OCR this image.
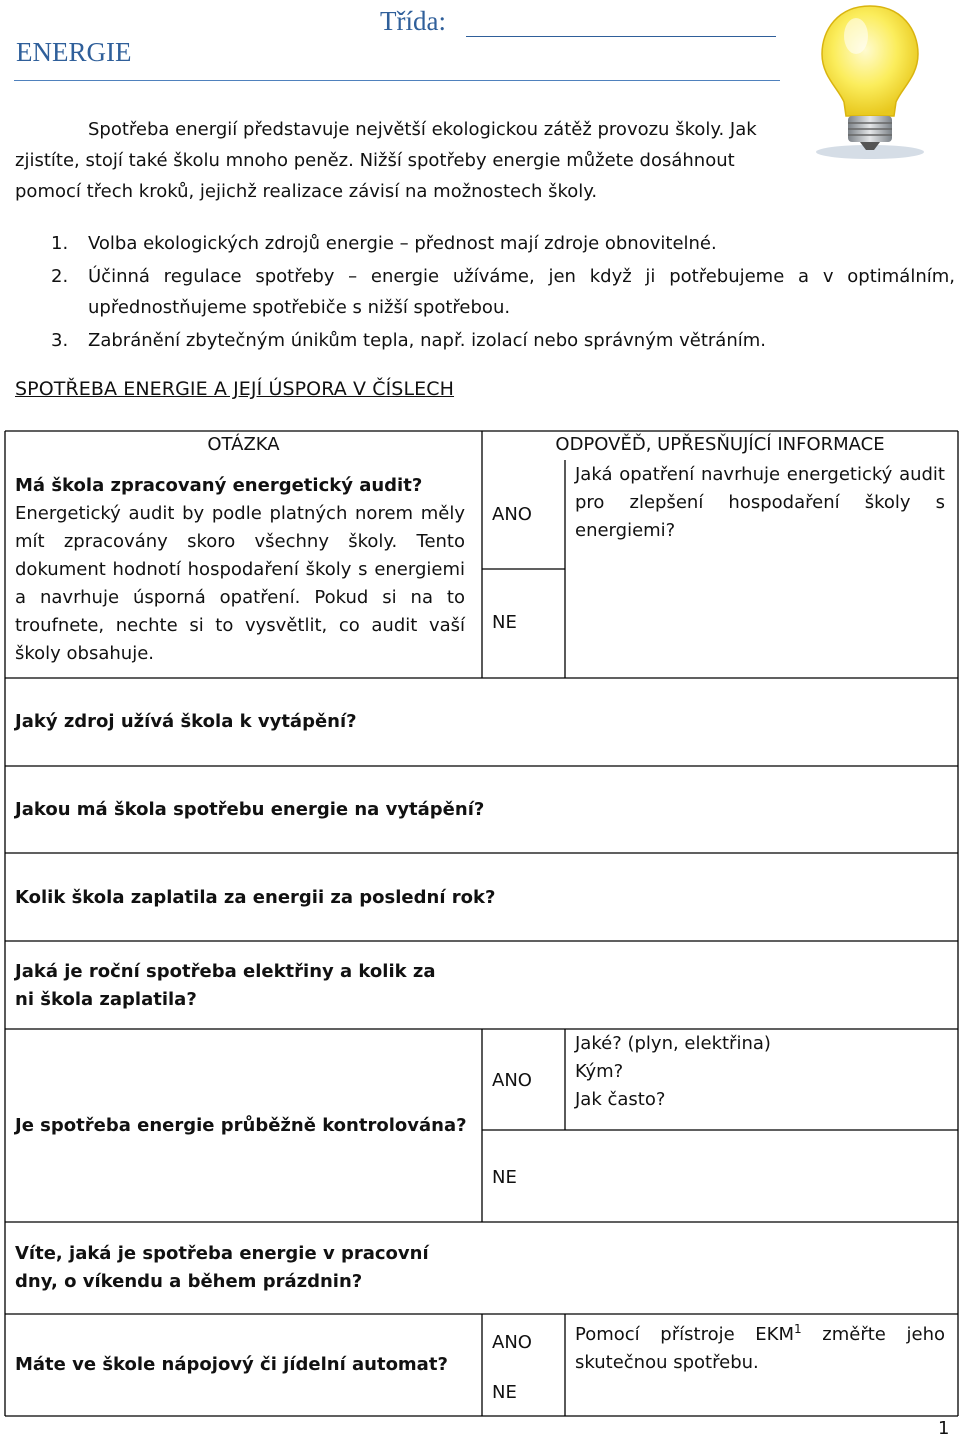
ENERGIE
Třída:
Spotřeba energií představuje největší ekologickou zátěž provozu školy. Jak
zjistíte, stojí také školu mnoho peněz. Nižší spotřeby energie můžete dosáhnout
pomocí třech kroků, jejichž realizace závisí na možnostech školy.
1. Volba ekologických zdrojů energie – přednost mají zdroje obnovitelné.
2. Účinná regulace spotřeby – energie užíváme, jen když ji potřebujeme a v optimálním, upřednostňujeme spotřebiče s nižší spotřebou.
3. Zabránění zbytečným únikům tepla, např. izolací nebo správným větráním.
SPOTŘEBA ENERGIE A JEJÍ ÚSPORA V ČÍSLECH
OTÁZKA	ODPOVĚĎ, UPŘESŇUJÍCÍ INFORMACE
Má škola zpracovaný energetický audit?
Energetický audit by podle platných norem měly mít zpracovány skoro všechny školy. Tento dokument hodnotí hospodaření školy s energiemi a navrhuje úsporná opatření. Pokud si na to troufnete, nechte si to vysvětlit, co audit vaší školy obsahuje.
ANO
NE
Jaká opatření navrhuje energetický audit pro zlepšení hospodaření školy s energiemi?
Jaký zdroj užívá škola k vytápění?
Jakou má škola spotřebu energie na vytápění?
Kolik škola zaplatila za energii za poslední rok?
Jaká je roční spotřeba elektřiny a kolik za ni škola zaplatila?
Je spotřeba energie průběžně kontrolována?
ANO
NE
Jaké? (plyn, elektřina)
Kým?
Jak často?
Víte, jaká je spotřeba energie v pracovní dny, o víkendu a během prázdnin?
Máte ve škole nápojový či jídelní automat?
ANO
NE
Pomocí přístroje EKM$^1$ změřte jeho skutečnou spotřebu.
1
